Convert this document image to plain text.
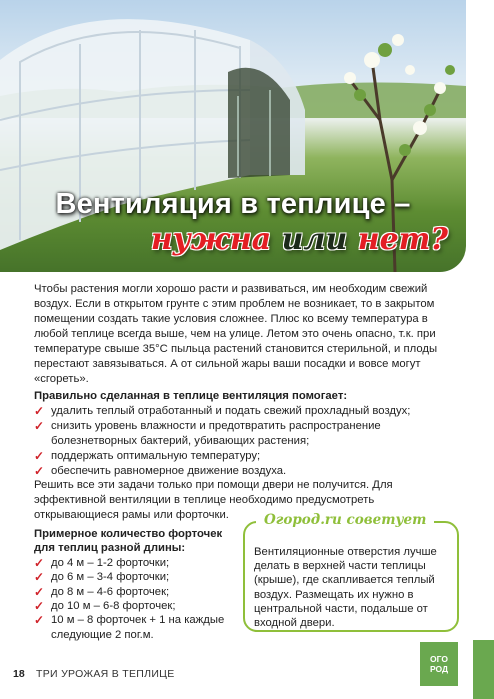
Вентиляция в теплице –
нужна или нет?

Чтобы растения могли хорошо расти и развиваться, им необходим свежий воздух. Если в открытом грунте с этим проблем не возникает, то в закрытом помещении создать такие условия сложнее. Плюс ко всему температура в любой теплице всегда выше, чем на улице. Летом это очень опасно, т.к. при температуре свыше 35°С пыльца растений становится стерильной, и плоды перестают завязываться. А от сильной жары ваши посадки и вовсе могут «сгореть».

Правильно сделанная в теплице вентиляция помогает:

✓ удалить теплый отработанный и подать свежий прохладный воздух;
✓ снизить уровень влажности и предотвратить распространение болезнетворных бактерий, убивающих растения;
✓ поддержать оптимальную температуру;
✓ обеспечить равномерное движение воздуха.

Решить все эти задачи только при помощи двери не получится. Для эффективной вентиляции в теплице необходимо предусмотреть открывающиеся рамы или форточки.

Примерное количество форточек
для теплиц разной длины:
✓ до 4 м – 1-2 форточки;
✓ до 6 м – 3-4 форточки;
✓ до 8 м – 4-6 форточек;
✓ до 10 м – 6-8 форточек;
✓ 10 м – 8 форточек + 1 на каждые следующие 2 пог.м.
Огород.ru советует

Вентиляционные отверстия лучше делать в верхней части теплицы (крыше), где скапливается теплый воздух. Размещать их нужно в центральной части, подальше от входной двери.

18 ТРИ УРОЖАЯ В ТЕПЛИЦЕ
ОГО
РОД
